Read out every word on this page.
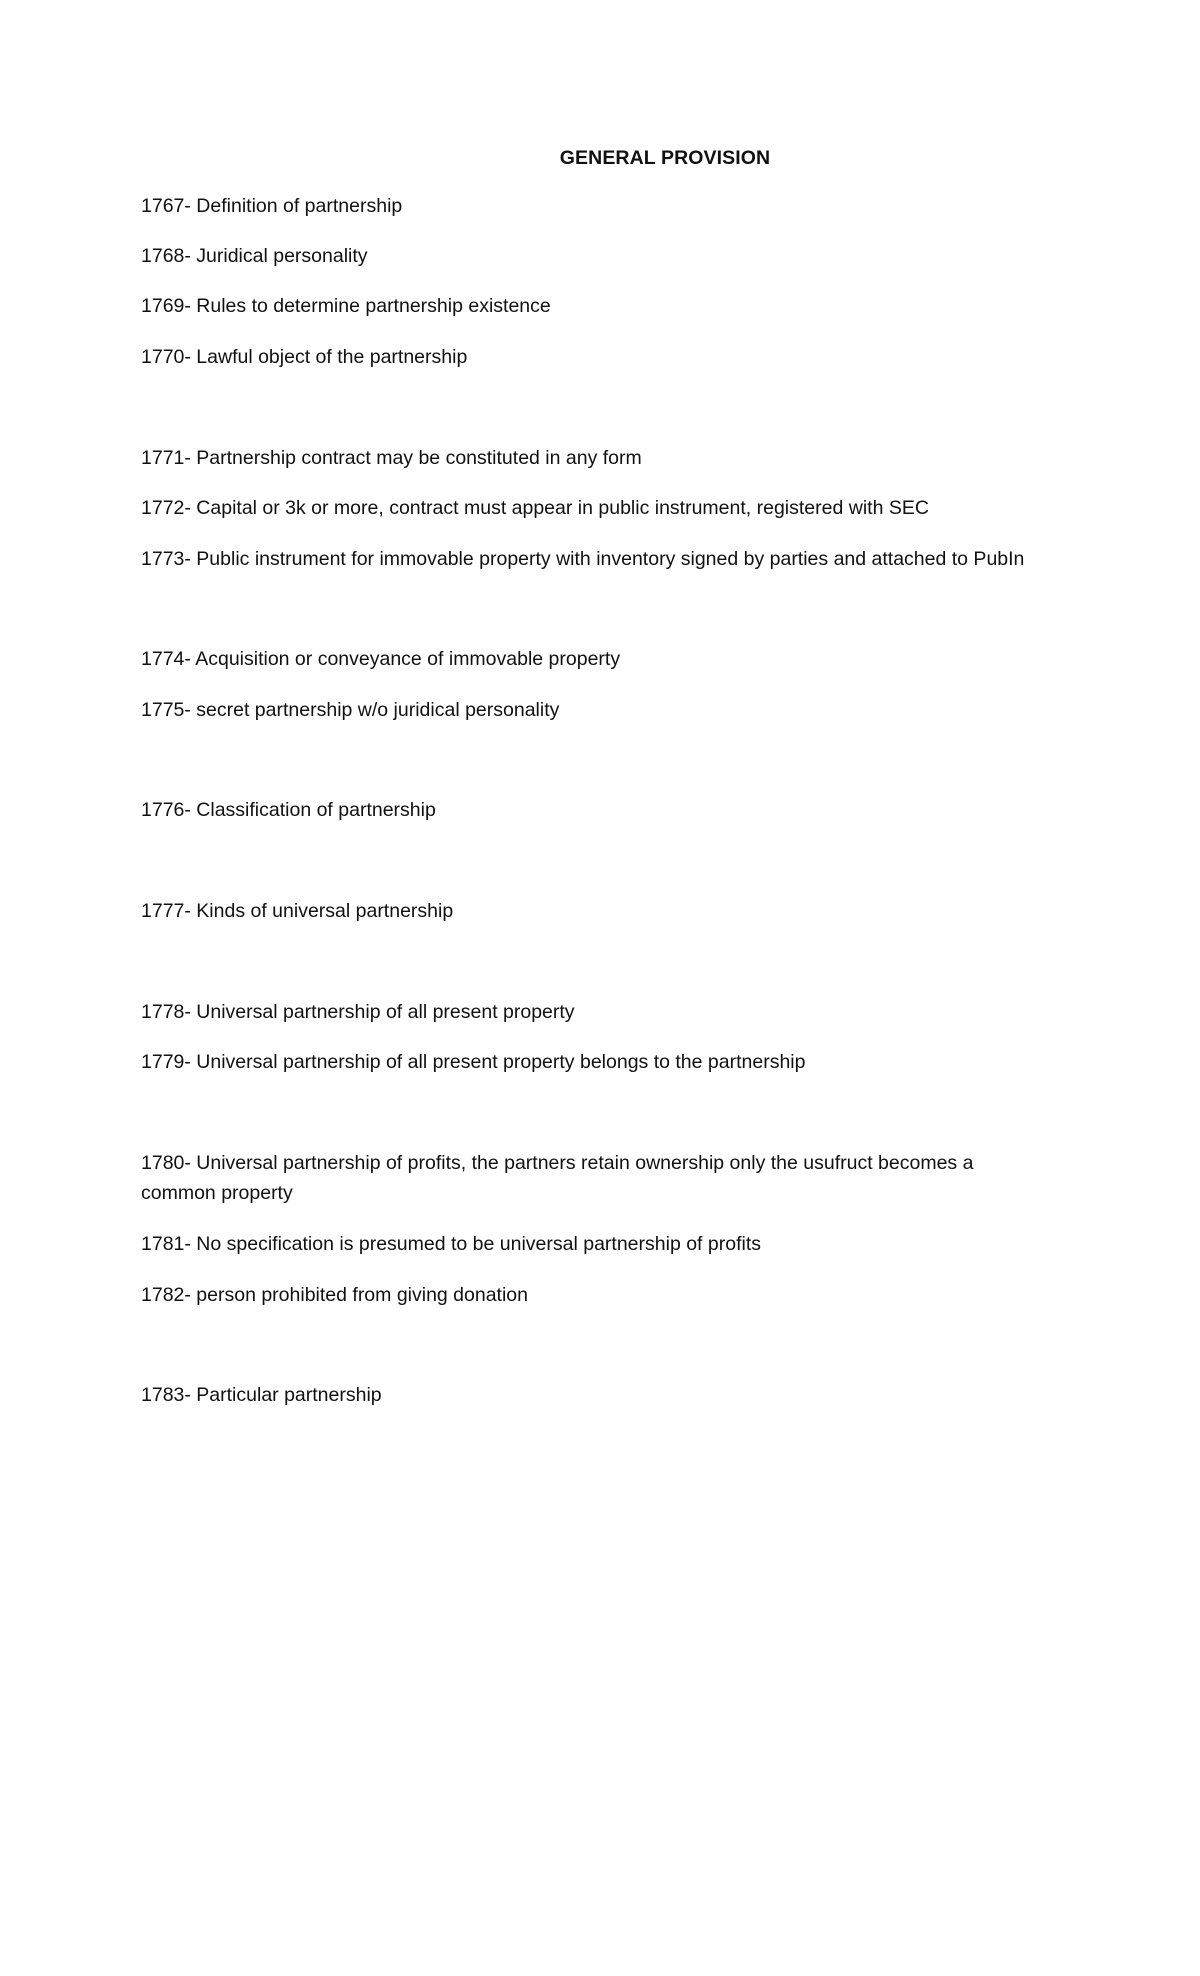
GENERAL PROVISION
1767- Definition of partnership
1768- Juridical personality
1769- Rules to determine partnership existence
1770- Lawful object of the partnership
1771- Partnership contract may be constituted in any form
1772- Capital or 3k or more, contract must appear in public instrument, registered with SEC
1773- Public instrument for immovable property with inventory signed by parties and attached to PubIn
1774- Acquisition or conveyance of immovable property
1775- secret partnership w/o juridical personality
1776- Classification of partnership
1777- Kinds of universal partnership
1778- Universal partnership of all present property
1779- Universal partnership of all present property belongs to the partnership
1780- Universal partnership of profits, the partners retain ownership only the usufruct becomes a common property
1781- No specification is presumed to be universal partnership of profits
1782- person prohibited from giving donation
1783- Particular partnership
